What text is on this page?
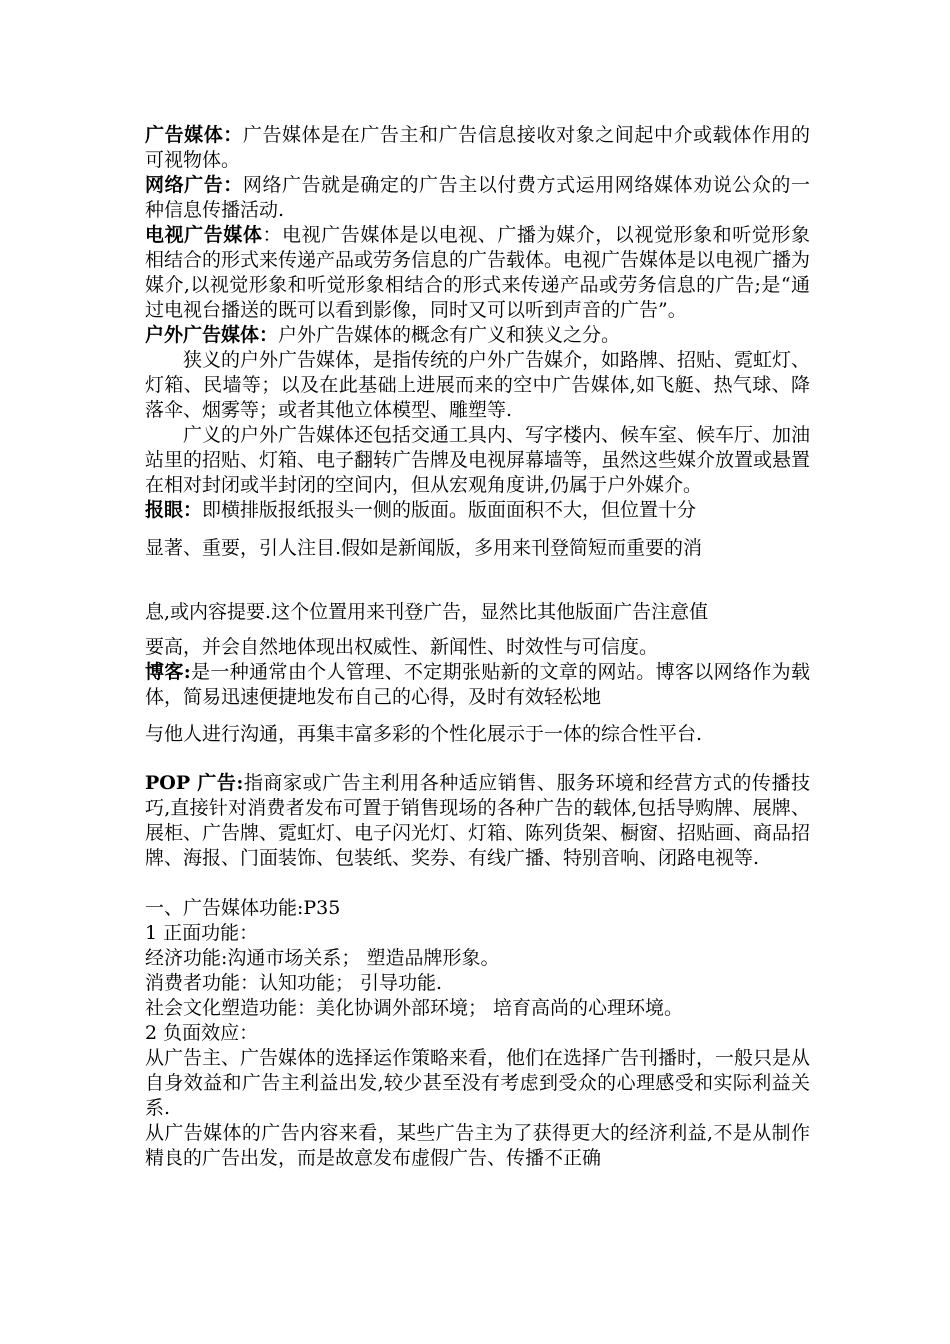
广告媒体：广告媒体是在广告主和广告信息接收对象之间起中介或载体作用的可视物体。

网络广告：网络广告就是确定的广告主以付费方式运用网络媒体劝说公众的一种信息传播活动.

电视广告媒体：电视广告媒体是以电视、广播为媒介，以视觉形象和听觉形象相结合的形式来传递产品或劳务信息的广告载体。电视广告媒体是以电视广播为媒介,以视觉形象和听觉形象相结合的形式来传递产品或劳务信息的广告;是“通过电视台播送的既可以看到影像，同时又可以听到声音的广告”。

户外广告媒体：户外广告媒体的概念有广义和狭义之分。

狭义的户外广告媒体，是指传统的户外广告媒介，如路牌、招贴、霓虹灯、灯箱、民墙等；以及在此基础上进展而来的空中广告媒体,如飞艇、热气球、降落伞、烟雾等；或者其他立体模型、雕塑等.

广义的户外广告媒体还包括交通工具内、写字楼内、候车室、候车厅、加油站里的招贴、灯箱、电子翻转广告牌及电视屏幕墙等，虽然这些媒介放置或悬置在相对封闭或半封闭的空间内，但从宏观角度讲,仍属于户外媒介。

报眼：即横排版报纸报头一侧的版面。版面面积不大，但位置十分

显著、重要，引人注目.假如是新闻版，多用来刊登简短而重要的消

息,或内容提要.这个位置用来刊登广告，显然比其他版面广告注意值

要高，并会自然地体现出权威性、新闻性、时效性与可信度。

博客:是一种通常由个人管理、不定期张贴新的文章的网站。博客以网络作为载体，简易迅速便捷地发布自己的心得，及时有效轻松地

与他人进行沟通，再集丰富多彩的个性化展示于一体的综合性平台.

POP 广告:指商家或广告主利用各种适应销售、服务环境和经营方式的传播技巧,直接针对消费者发布可置于销售现场的各种广告的载体,包括导购牌、展牌、展柜、广告牌、霓虹灯、电子闪光灯、灯箱、陈列货架、橱窗、招贴画、商品招牌、海报、门面装饰、包装纸、奖券、有线广播、特别音响、闭路电视等.

一、广告媒体功能:P35

1 正面功能：

经济功能:沟通市场关系； 塑造品牌形象。

消费者功能：认知功能； 引导功能.

社会文化塑造功能：美化协调外部环境； 培育高尚的心理环境。

2 负面效应：

从广告主、广告媒体的选择运作策略来看，他们在选择广告刊播时，一般只是从自身效益和广告主利益出发,较少甚至没有考虑到受众的心理感受和实际利益关系.

从广告媒体的广告内容来看，某些广告主为了获得更大的经济利益,不是从制作精良的广告出发，而是故意发布虚假广告、传播不正确
